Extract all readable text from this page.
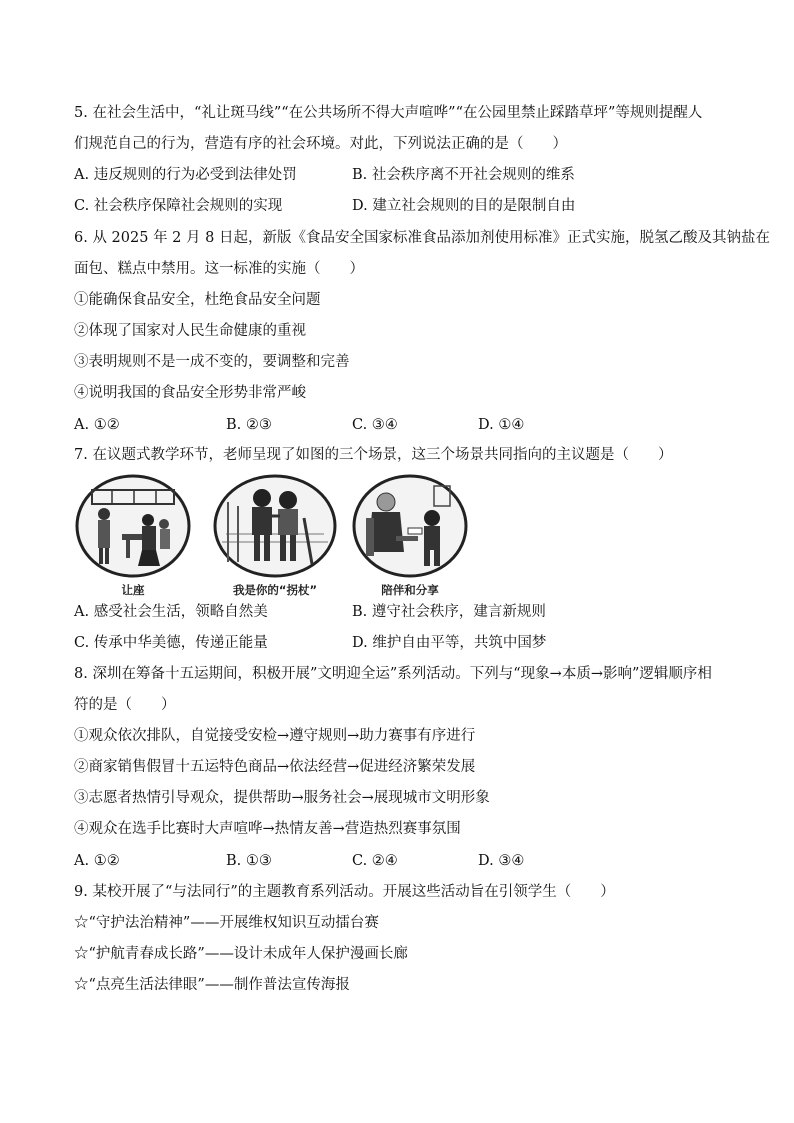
5. 在社会生活中，“礼让斑马线”“在公共场所不得大声喧哗”“在公园里禁止踩踏草坪”等规则提醒人
们规范自己的行为，营造有序的社会环境。对此，下列说法正确的是（　　）
A. 违反规则的行为必受到法律处罚	B. 社会秩序离不开社会规则的维系
C. 社会秩序保障社会规则的实现	D. 建立社会规则的目的是限制自由
6. 从 2025 年 2 月 8 日起，新版《食品安全国家标准食品添加剂使用标准》正式实施，脱氢乙酸及其钠盐在
面包、糕点中禁用。这一标准的实施（　　）
①能确保食品安全，杜绝食品安全问题
②体现了国家对人民生命健康的重视
③表明规则不是一成不变的，要调整和完善
④说明我国的食品安全形势非常严峻
A. ①②	B. ②③	C. ③④	D. ①④
7. 在议题式教学环节，老师呈现了如图的三个场景，这三个场景共同指向的主议题是（　　）
让座	我是你的“拐杖”	陪伴和分享
A. 感受社会生活，领略自然美	B. 遵守社会秩序，建言新规则
C. 传承中华美德，传递正能量	D. 维护自由平等，共筑中国梦
8. 深圳在筹备十五运期间，积极开展”文明迎全运”系列活动。下列与“现象→本质→影响”逻辑顺序相
符的是（　　）
①观众依次排队，自觉接受安检→遵守规则→助力赛事有序进行
②商家销售假冒十五运特色商品→依法经营→促进经济繁荣发展
③志愿者热情引导观众，提供帮助→服务社会→展现城市文明形象
④观众在选手比赛时大声喧哗→热情友善→营造热烈赛事氛围
A. ①②	B. ①③	C. ②④	D. ③④
9. 某校开展了“与法同行”的主题教育系列活动。开展这些活动旨在引领学生（　　）
☆“守护法治精神”——开展维权知识互动擂台赛
☆“护航青春成长路”——设计未成年人保护漫画长廊
☆“点亮生活法律眼”——制作普法宣传海报
